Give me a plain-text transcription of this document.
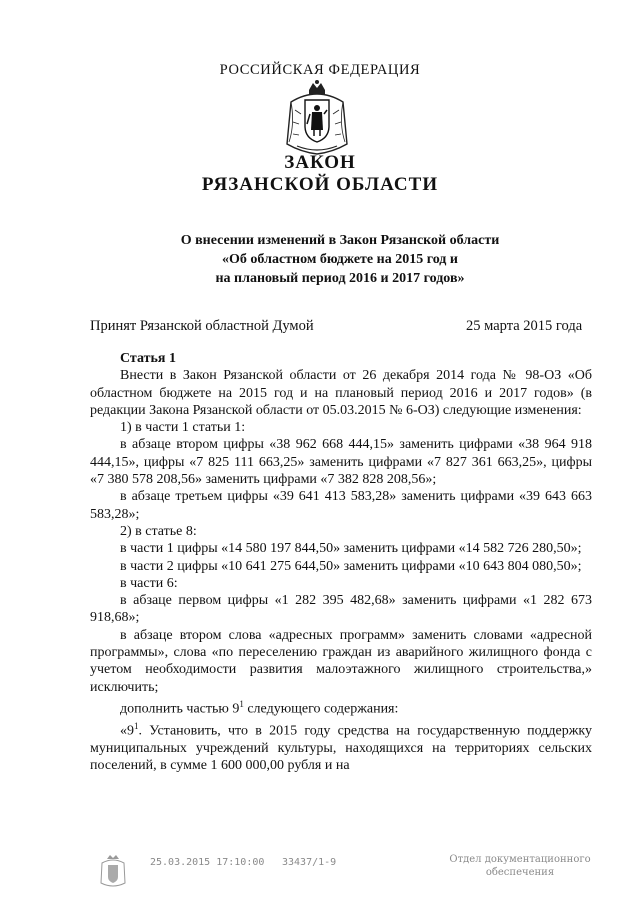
РОССИЙСКАЯ ФЕДЕРАЦИЯ
ЗАКОН
РЯЗАНСКОЙ ОБЛАСТИ
О внесении изменений в Закон Рязанской области
«Об областном бюджете на 2015 год и
на плановый период 2016 и 2017 годов»
Принят Рязанской областной Думой	25 марта 2015 года

Статья 1

Внести в Закон Рязанской области от 26 декабря 2014 года № 98-ОЗ «Об областном бюджете на 2015 год и на плановый период 2016 и 2017 годов» (в редакции Закона Рязанской области от 05.03.2015 № 6-ОЗ) следующие изменения:

1) в части 1 статьи 1:

в абзаце втором цифры «38 962 668 444,15» заменить цифрами «38 964 918 444,15», цифры «7 825 111 663,25» заменить цифрами «7 827 361 663,25», цифры «7 380 578 208,56» заменить цифрами «7 382 828 208,56»;

в абзаце третьем цифры «39 641 413 583,28» заменить цифрами «39 643 663 583,28»;

2) в статье 8:

в части 1 цифры «14 580 197 844,50» заменить цифрами «14 582 726 280,50»;

в части 2 цифры «10 641 275 644,50» заменить цифрами «10 643 804 080,50»;

в части 6:

в абзаце первом цифры «1 282 395 482,68» заменить цифрами «1 282 673 918,68»;

в абзаце втором слова «адресных программ» заменить словами «адресной программы», слова «по переселению граждан из аварийного жилищного фонда с учетом необходимости развития малоэтажного жилищного строительства,» исключить;

дополнить частью $9^1$ следующего содержания:

«$9^1$. Установить, что в 2015 году средства на государственную поддержку муниципальных учреждений культуры, находящихся на территориях сельских поселений, в сумме 1 600 000,00 рубля и на

25.03.2015 17:10:00 33437/1-9	Отдел документационного
обеспечения
